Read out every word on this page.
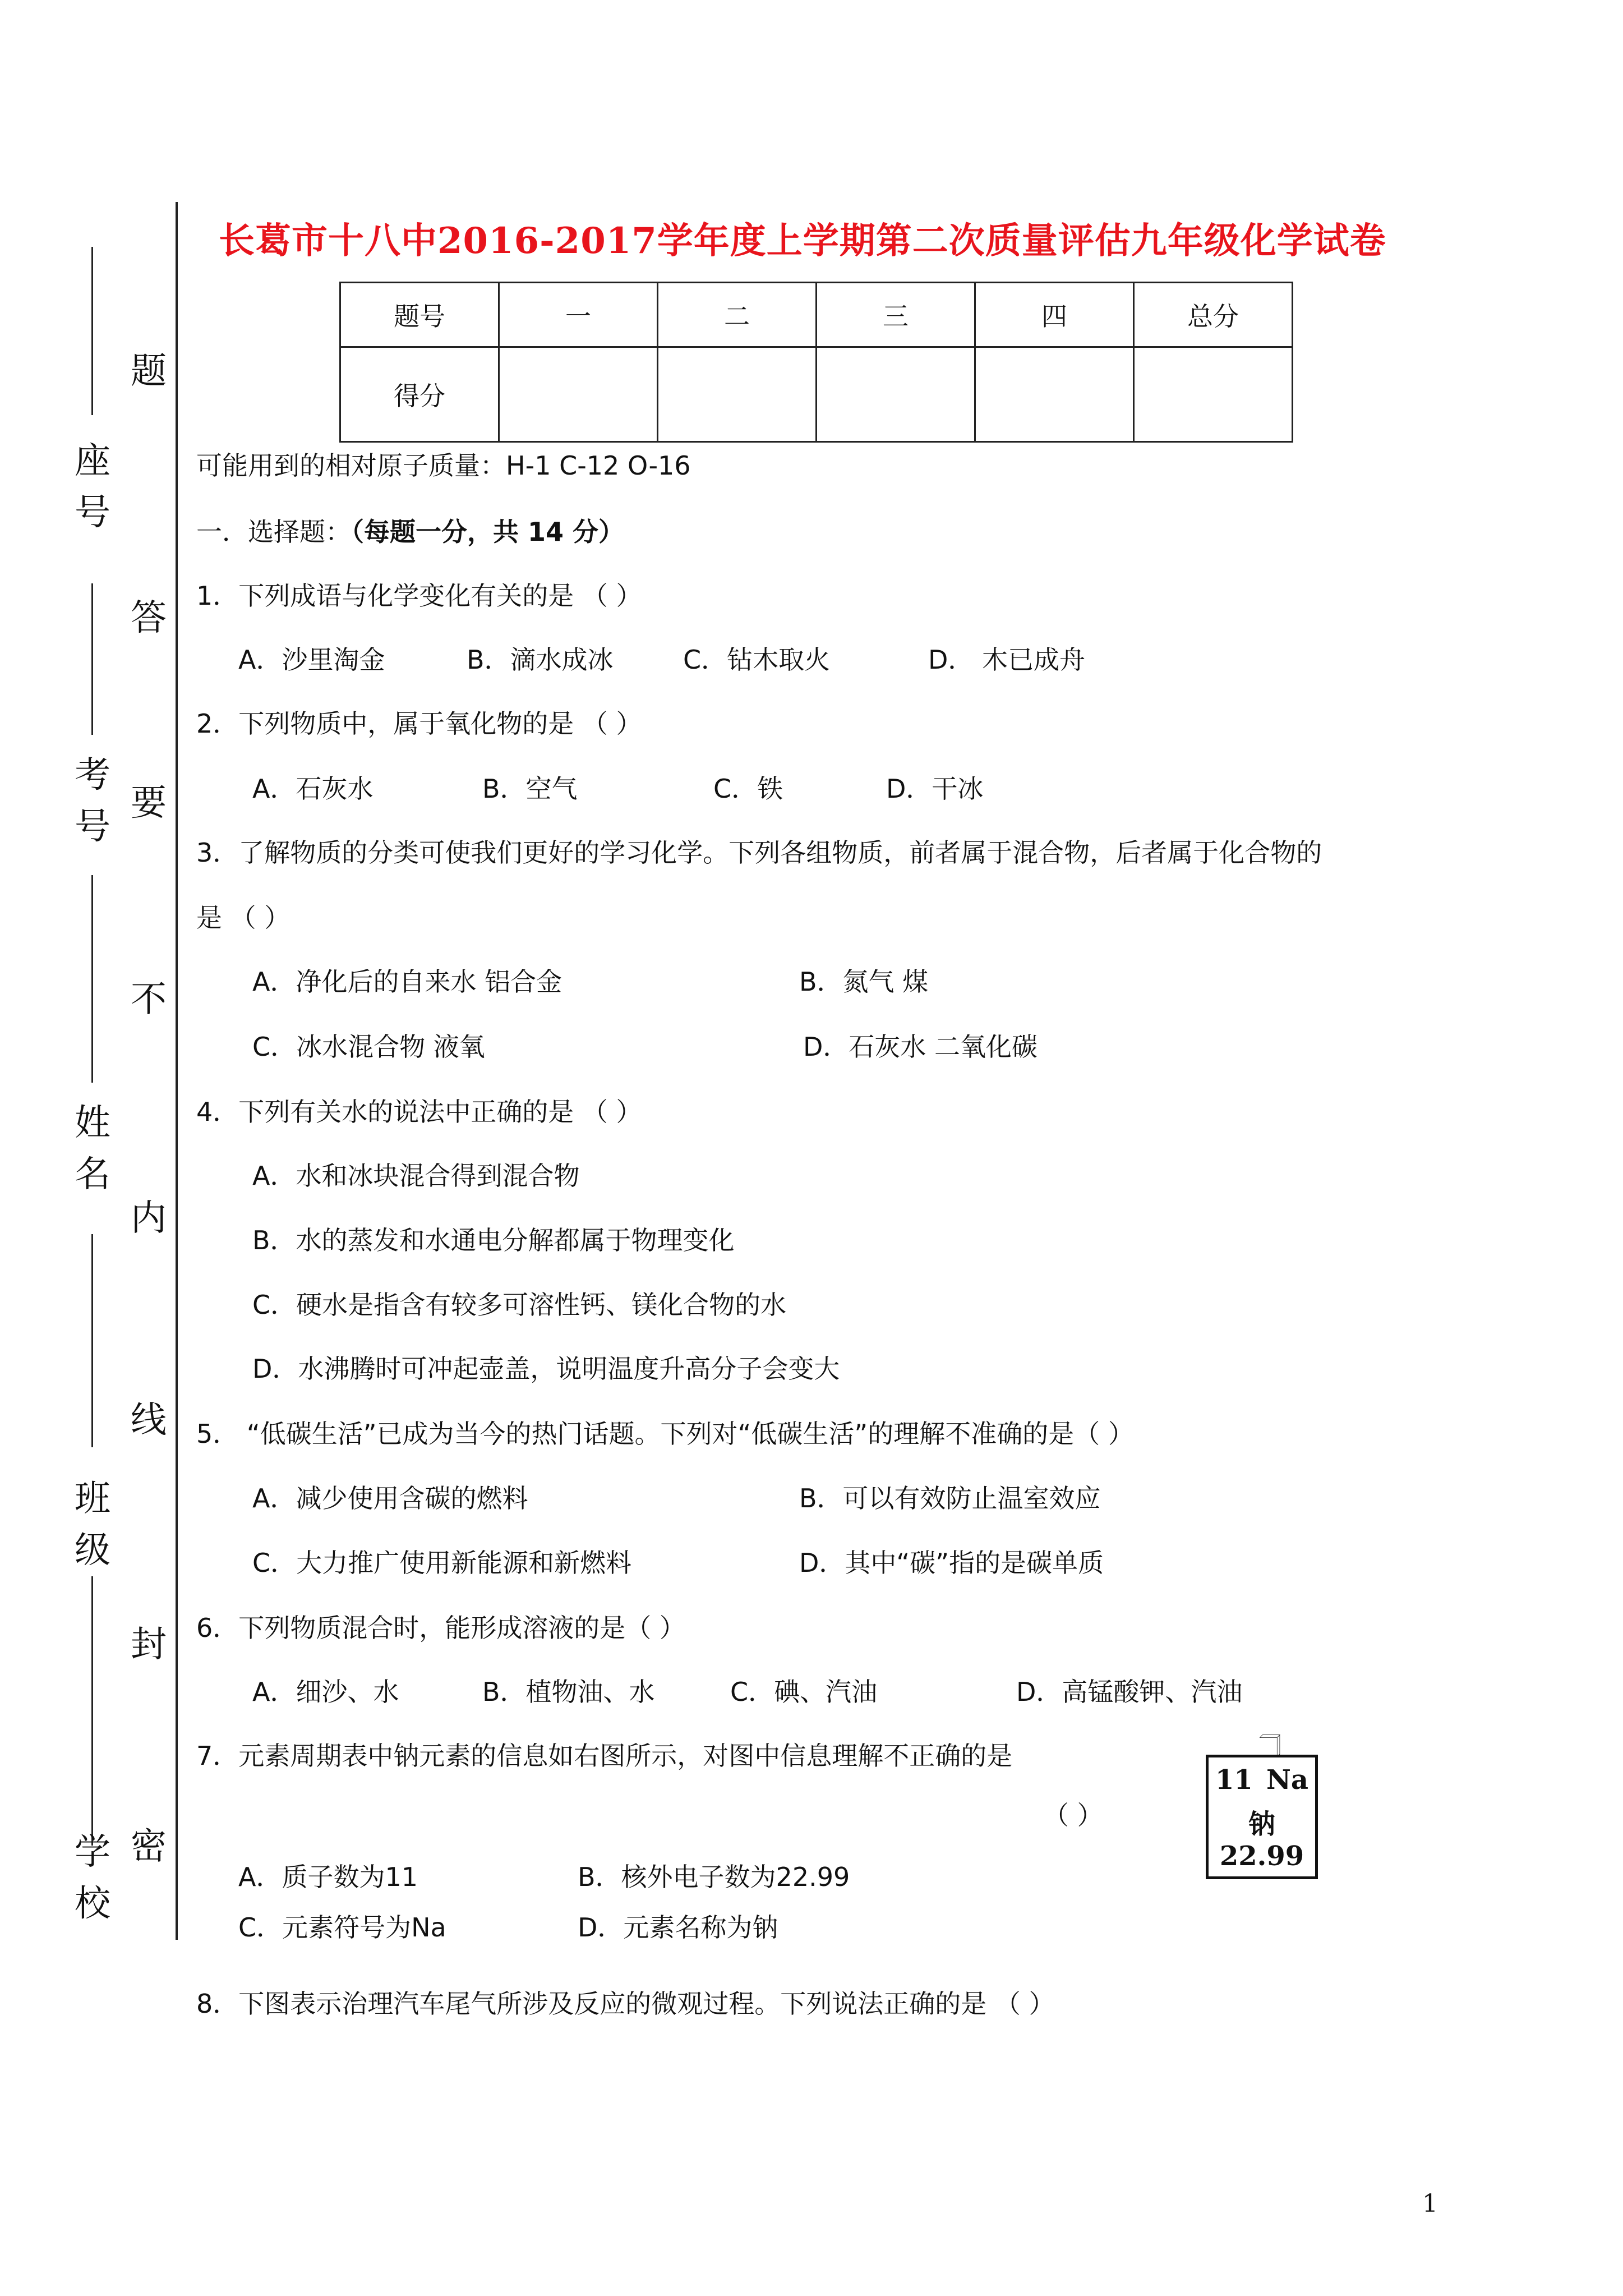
座号
考号
姓名
班级
学校
题
答
要
不
内
线
封
密
长葛市十八中2016-2017学年度上学期第二次质量评估九年级化学试卷
题号	一	二	三	四	总分
得分					
可能用到的相对原子质量：H-1 C-12 O-16
一．选择题：（每题一分，共 14 分）
1．下列成语与化学变化有关的是 （ ）
A．沙里淘金	B．滴水成冰	C．钻木取火	D． 木已成舟
2．下列物质中，属于氧化物的是 （ ）
A．石灰水	B．空气	C．铁	D．干冰
3．了解物质的分类可使我们更好的学习化学。下列各组物质，前者属于混合物，后者属于化合物的
是 （ ）
A．净化后的自来水 铝合金	B．氮气 煤
C．冰水混合物 液氧	D．石灰水 二氧化碳
4．下列有关水的说法中正确的是 （ ）
A．水和冰块混合得到混合物
B．水的蒸发和水通电分解都属于物理变化
C．硬水是指含有较多可溶性钙、镁化合物的水
D．水沸腾时可冲起壶盖，说明温度升高分子会变大
5． “低碳生活”已成为当今的热门话题。下列对“低碳生活”的理解不准确的是（ ）
A．减少使用含碳的燃料	B．可以有效防止温室效应
C．大力推广使用新能源和新燃料	D．其中“碳”指的是碳单质
6．下列物质混合时，能形成溶液的是（ ）
A．细沙、水	B．植物油、水	C．碘、汽油	D．高锰酸钾、汽油
7．元素周期表中钠元素的信息如右图所示，对图中信息理解不正确的是
（ ）
A．质子数为11	B．核外电子数为22.99
C．元素符号为Na	D．元素名称为钠
11 Na
钠
22.99
8．下图表示治理汽车尾气所涉及反应的微观过程。下列说法正确的是 （ ）
1
